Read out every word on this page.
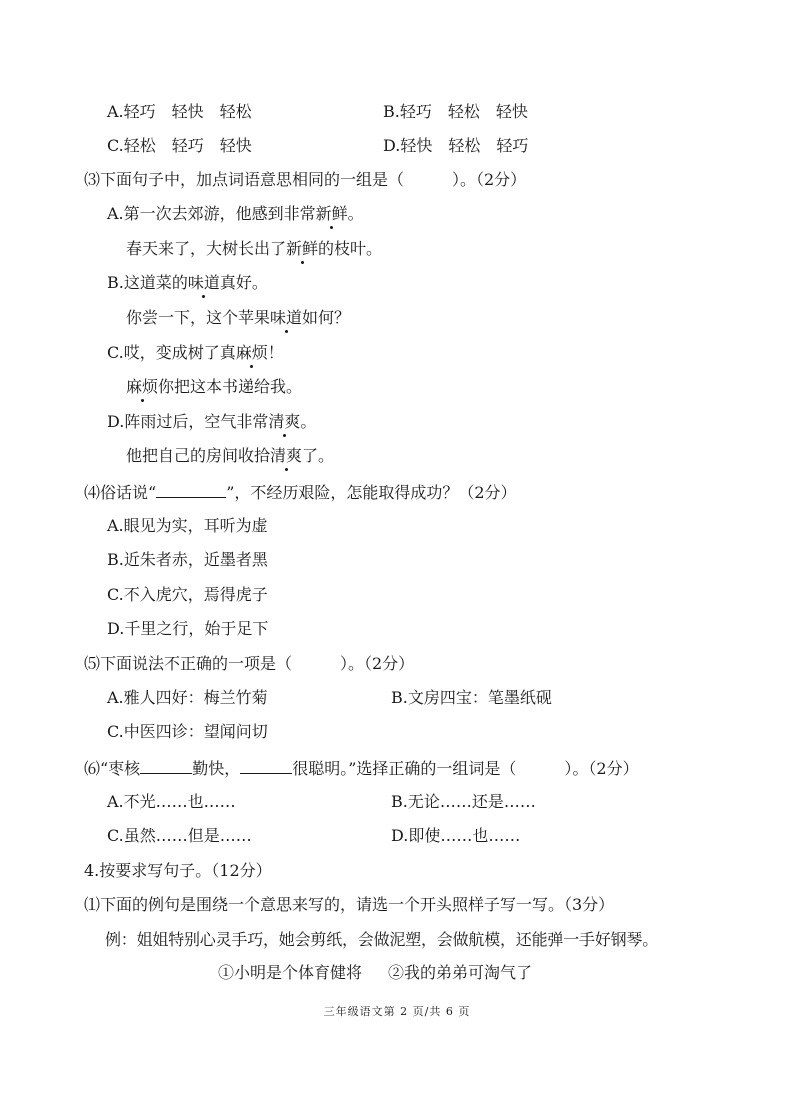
A.轻巧　轻快　轻松	B.轻巧　轻松　轻快
C.轻松　轻巧　轻快	D.轻快　轻松　轻巧
⑶下面句子中，加点词语意思相同的一组是（　　　）。（2分）
A.第一次去郊游，他感到非常新鲜。
春天来了，大树长出了新鲜的枝叶。
B.这道菜的味道真好。
你尝一下，这个苹果味道如何？
C.哎，变成树了真麻烦！
麻烦你把这本书递给我。
D.阵雨过后，空气非常清爽。
他把自己的房间收拾清爽了。
⑷俗话说“	”，不经历艰险，怎能取得成功？（2分）
A.眼见为实，耳听为虚
B.近朱者赤，近墨者黑
C.不入虎穴，焉得虎子
D.千里之行，始于足下
⑸下面说法不正确的一项是（　　　）。（2分）
A.雅人四好：梅兰竹菊	B.文房四宝：笔墨纸砚
C.中医四诊：望闻问切
⑹“枣核	勤快，	很聪明。”选择正确的一组词是（　　　）。（2分）
A.不光……也……	B.无论……还是……
C.虽然……但是……	D.即使……也……
4.按要求写句子。（12分）
⑴下面的例句是围绕一个意思来写的，请选一个开头照样子写一写。（3分）
例：姐姐特别心灵手巧，她会剪纸，会做泥塑，会做航模，还能弹一手好钢琴。
①小明是个体育健将 ②我的弟弟可淘气了
三年级语文第 2 页/共 6 页
